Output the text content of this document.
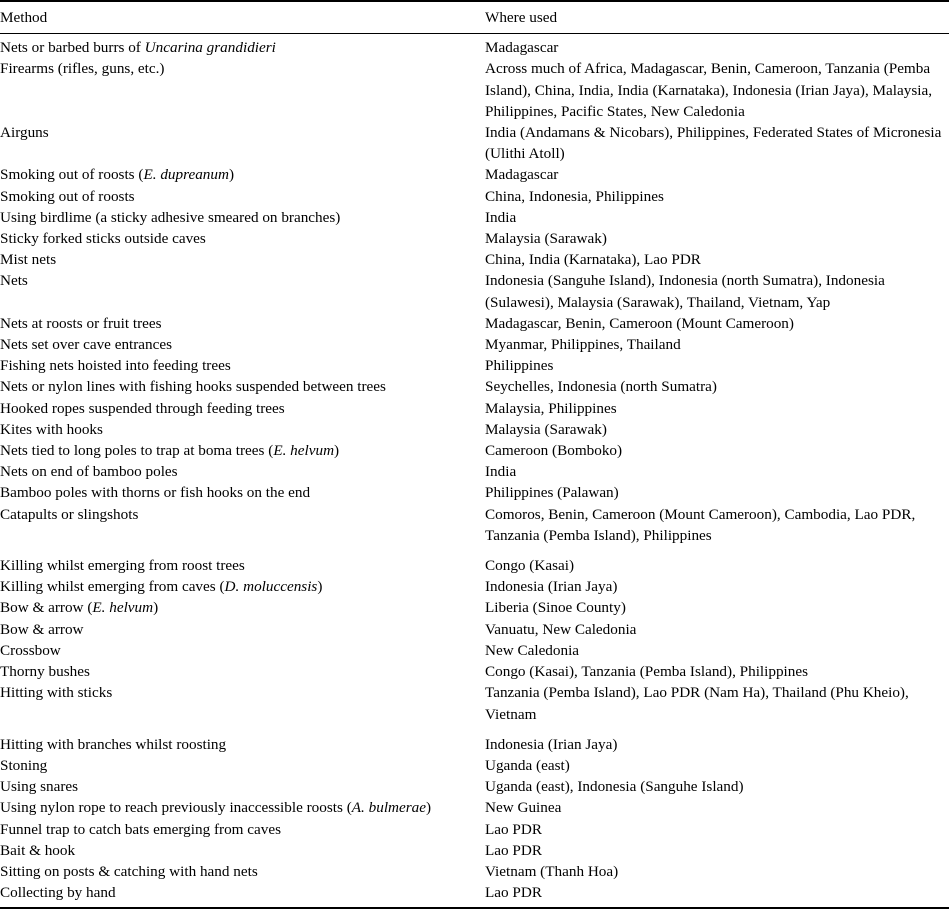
Method	Where used

Nets or barbed burrs of Uncarina grandidieri	Madagascar

Firearms (rifles, guns, etc.)	Across much of Africa, Madagascar, Benin, Cameroon, Tanzania (Pemba Island), China, India, India (Karnataka), Indonesia (Irian Jaya), Malaysia, Philippines, Pacific States, New Caledonia

Airguns	India (Andamans & Nicobars), Philippines, Federated States of Micronesia (Ulithi Atoll)

Smoking out of roosts (E. dupreanum)	Madagascar

Smoking out of roosts	China, Indonesia, Philippines

Using birdlime (a sticky adhesive smeared on branches)	India

Sticky forked sticks outside caves	Malaysia (Sarawak)

Mist nets	China, India (Karnataka), Lao PDR

Nets	Indonesia (Sanguhe Island), Indonesia (north Sumatra), Indonesia (Sulawesi), Malaysia (Sarawak), Thailand, Vietnam, Yap

Nets at roosts or fruit trees	Madagascar, Benin, Cameroon (Mount Cameroon)

Nets set over cave entrances	Myanmar, Philippines, Thailand

Fishing nets hoisted into feeding trees	Philippines

Nets or nylon lines with fishing hooks suspended between trees	Seychelles, Indonesia (north Sumatra)

Hooked ropes suspended through feeding trees	Malaysia, Philippines

Kites with hooks	Malaysia (Sarawak)

Nets tied to long poles to trap at boma trees (E. helvum)	Cameroon (Bomboko)

Nets on end of bamboo poles	India

Bamboo poles with thorns or fish hooks on the end	Philippines (Palawan)

Catapults or slingshots	Comoros, Benin, Cameroon (Mount Cameroon), Cambodia, Lao PDR, Tanzania (Pemba Island), Philippines

Killing whilst emerging from roost trees	Congo (Kasai)

Killing whilst emerging from caves (D. moluccensis)	Indonesia (Irian Jaya)

Bow & arrow (E. helvum)	Liberia (Sinoe County)

Bow & arrow	Vanuatu, New Caledonia

Crossbow	New Caledonia

Thorny bushes	Congo (Kasai), Tanzania (Pemba Island), Philippines

Hitting with sticks	Tanzania (Pemba Island), Lao PDR (Nam Ha), Thailand (Phu Kheio), Vietnam

Hitting with branches whilst roosting	Indonesia (Irian Jaya)

Stoning	Uganda (east)

Using snares	Uganda (east), Indonesia (Sanguhe Island)

Using nylon rope to reach previously inaccessible roosts (A. bulmerae)	New Guinea

Funnel trap to catch bats emerging from caves	Lao PDR

Bait & hook	Lao PDR

Sitting on posts & catching with hand nets	Vietnam (Thanh Hoa)

Collecting by hand	Lao PDR
